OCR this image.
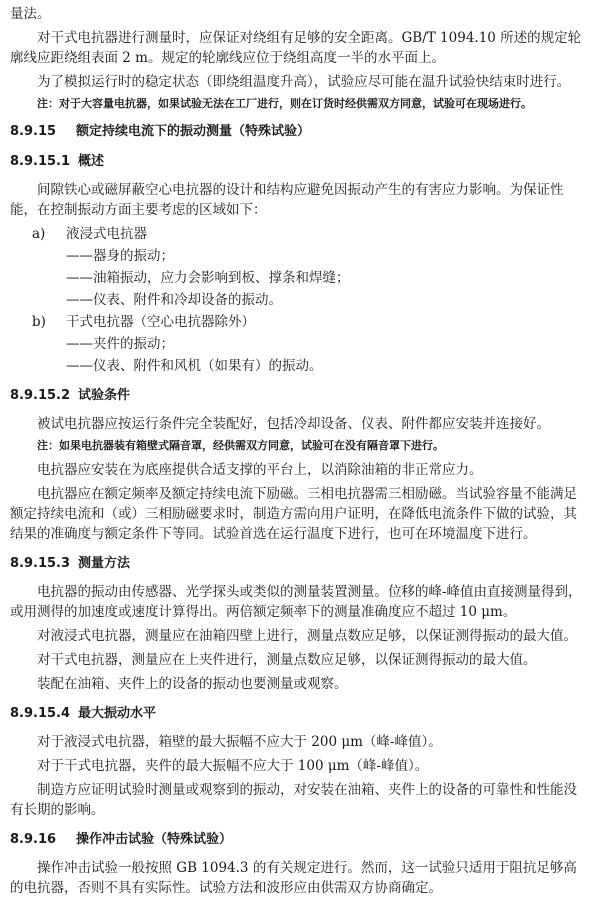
量法。

对干式电抗器进行测量时，应保证对绕组有足够的安全距离。GB/T 1094.10 所述的规定轮廓线应距绕组表面 2 m。规定的轮廓线应位于绕组高度一半的水平面上。

为了模拟运行时的稳定状态（即绕组温度升高），试验应尽可能在温升试验快结束时进行。

注：对于大容量电抗器，如果试验无法在工厂进行，则在订货时经供需双方同意，试验可在现场进行。

8.9.15 额定持续电流下的振动测量（特殊试验）
8.9.15.1 概述

间隙铁心或磁屏蔽空心电抗器的设计和结构应避免因振动产生的有害应力影响。为保证性能，在控制振动方面主要考虑的区域如下：

a) 液浸式电抗器
——器身的振动；
——油箱振动，应力会影响到板、撑条和焊缝；
——仪表、附件和冷却设备的振动。
b) 干式电抗器（空心电抗器除外）
——夹件的振动；
——仪表、附件和风机（如果有）的振动。
8.9.15.2 试验条件

被试电抗器应按运行条件完全装配好，包括冷却设备、仪表、附件都应安装并连接好。

注：如果电抗器装有箱壁式隔音罩，经供需双方同意，试验可在没有隔音罩下进行。

电抗器应安装在为底座提供合适支撑的平台上，以消除油箱的非正常应力。

电抗器应在额定频率及额定持续电流下励磁。三相电抗器需三相励磁。当试验容量不能满足额定持续电流和（或）三相励磁要求时，制造方需向用户证明，在降低电流条件下做的试验，其结果的准确度与额定条件下等同。试验首选在运行温度下进行，也可在环境温度下进行。

8.9.15.3 测量方法

电抗器的振动由传感器、光学探头或类似的测量装置测量。位移的峰-峰值由直接测量得到，或用测得的加速度或速度计算得出。两倍额定频率下的测量准确度应不超过 10 μm。

对液浸式电抗器，测量应在油箱四壁上进行，测量点数应足够，以保证测得振动的最大值。

对干式电抗器，测量应在上夹件进行，测量点数应足够，以保证测得振动的最大值。

装配在油箱、夹件上的设备的振动也要测量或观察。

8.9.15.4 最大振动水平

对于液浸式电抗器，箱壁的最大振幅不应大于 200 μm（峰-峰值）。

对于干式电抗器，夹件的最大振幅不应大于 100 μm（峰-峰值）。

制造方应证明试验时测量或观察到的振动，对安装在油箱、夹件上的设备的可靠性和性能没有长期的影响。

8.9.16 操作冲击试验（特殊试验）

操作冲击试验一般按照 GB 1094.3 的有关规定进行。然而，这一试验只适用于阻抗足够高的电抗器，否则不具有实际性。试验方法和波形应由供需双方协商确定。
